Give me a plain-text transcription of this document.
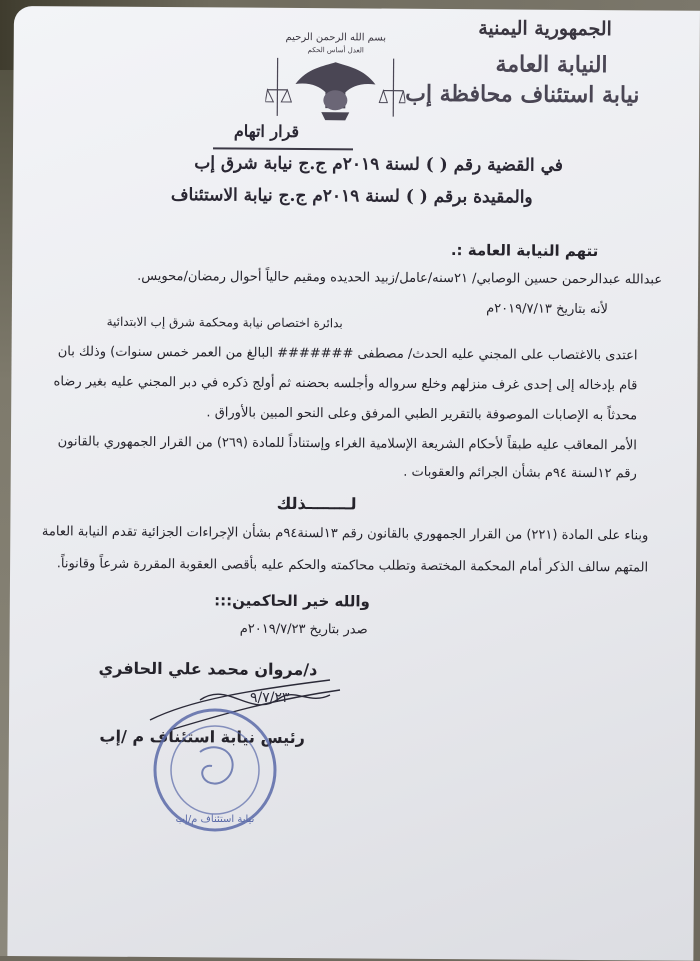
الجمهورية اليمنية
النيابة العامة
نيابة استئناف محافظة إب
بسم الله الرحمن الرحيم
العدل أساس الحكم
قرار اتهام
في القضية رقم ( ) لسنة ٢٠١٩م ج.ج نيابة شرق إب
والمقيدة برقم ( ) لسنة ٢٠١٩م ج.ج نيابة الاستئناف
تتهم النيابة العامة :.
عبدالله عبدالرحمن حسين الوصابي/ ٢١سنه/عامل/زبيد الحديده ومقيم حالياً أحوال رمضان/محويس.
لأنه بتاريخ ٢٠١٩/٧/١٣م
بدائرة اختصاص نيابة ومحكمة شرق إب الابتدائية
اعتدى بالاغتصاب على المجني عليه الحدث/ مصطفى ####### البالغ من العمر خمس سنوات) وذلك بان
قام بإدخاله إلى إحدى غرف منزلهم وخلع سرواله وأجلسه بحضنه ثم أولج ذكره في دبر المجني عليه بغير رضاه
محدثاً به الإصابات الموصوفة بالتقرير الطبي المرفق وعلى النحو المبين بالأوراق .
الأمر المعاقب عليه طبقاً لأحكام الشريعة الإسلامية الغراء وإستناداً للمادة (٢٦٩) من القرار الجمهوري بالقانون
رقم ١٢لسنة ٩٤م بشأن الجرائم والعقوبات .
لــــــــذلك
وبناء على المادة (٢٢١) من القرار الجمهوري بالقانون رقم ١٣لسنة٩٤م بشأن الإجراءات الجزائية تقدم النيابة العامة
المتهم سالف الذكر أمام المحكمة المختصة وتطلب محاكمته والحكم عليه بأقصى العقوبة المقررة شرعاً وقانوناً.
والله خير الحاكمين:::
صدر بتاريخ ٢٠١٩/٧/٢٣م
د/مروان محمد علي الحافري
رئيس نيابة استئناف م /إب
٩/٧/٢٣
نيابة استئناف م/إب
